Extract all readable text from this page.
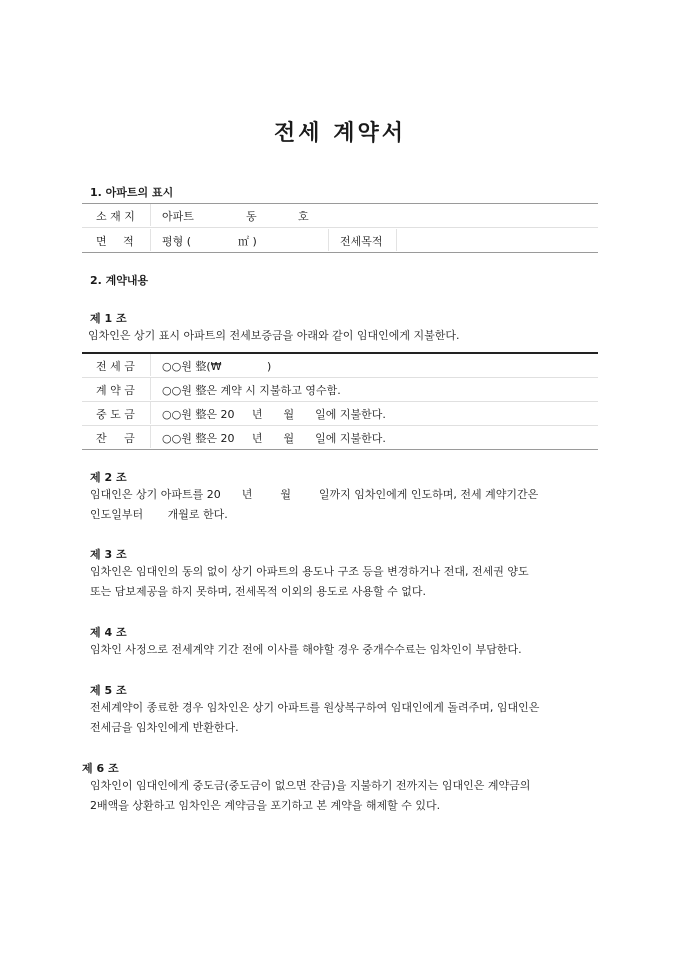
전세 계약서
1. 아파트의 표시
소 재 지 아파트	동	호
면    적	평형 (	㎡ )	전세목적
2. 계약내용
제 1 조
임차인은 상기 표시 아파트의 전세보증금을 아래와 같이 임대인에게 지불한다.
전 세 금 ○○원 整(₩             )
계 약 금 ○○원 整은 계약 시 지불하고 영수함.
중 도 금 ○○원 整은 20     년      월      일에 지불한다.
잔     금 ○○원 整은 20     년      월      일에 지불한다.
제 2 조
임대인은 상기 아파트를 20      년        월        일까지 임차인에게 인도하며, 전세 계약기간은
인도일부터       개월로 한다.
제 3 조
임차인은 임대인의 동의 없이 상기 아파트의 용도나 구조 등을 변경하거나 전대, 전세권 양도
또는 담보제공을 하지 못하며, 전세목적 이외의 용도로 사용할 수 없다.
제 4 조
임차인 사정으로 전세계약 기간 전에 이사를 해야할 경우 중개수수료는 임차인이 부담한다.
제 5 조
전세계약이 종료한 경우 임차인은 상기 아파트를 원상복구하여 임대인에게 돌려주며, 임대인은
전세금을 임차인에게 반환한다.
제 6 조
임차인이 임대인에게 중도금(중도금이 없으면 잔금)을 지불하기 전까지는 임대인은 계약금의
2배액을 상환하고 임차인은 계약금을 포기하고 본 계약을 해제할 수 있다.
